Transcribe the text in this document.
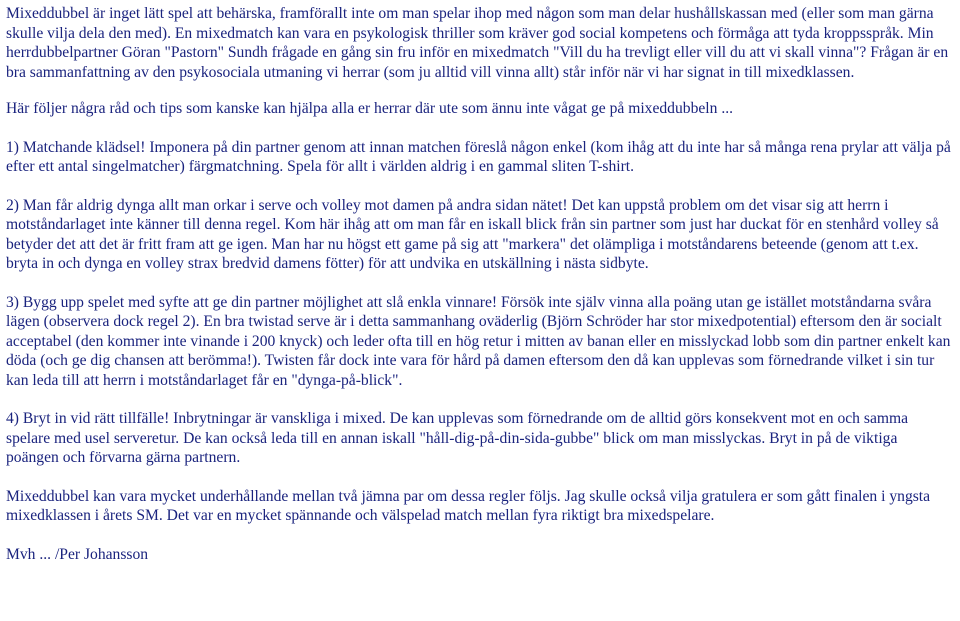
Mixeddubbel är inget lätt spel att behärska, framförallt inte om man spelar ihop med någon som man delar hushållskassan med (eller som man gärna skulle vilja dela den med). En mixedmatch kan vara en psykologisk thriller som kräver god social kompetens och förmåga att tyda kroppsspråk. Min herrdubbelpartner Göran "Pastorn" Sundh frågade en gång sin fru inför en mixedmatch "Vill du ha trevligt eller vill du att vi skall vinna"? Frågan är en bra sammanfattning av den psykosociala utmaning vi herrar (som ju alltid vill vinna allt) står inför när vi har signat in till mixedklassen.

Här följer några råd och tips som kanske kan hjälpa alla er herrar där ute som ännu inte vågat ge på mixeddubbeln ...

1) Matchande klädsel! Imponera på din partner genom att innan matchen föreslå någon enkel (kom ihåg att du inte har så många rena prylar att välja på efter ett antal singelmatcher) färgmatchning. Spela för allt i världen aldrig i en gammal sliten T-shirt.

2) Man får aldrig dynga allt man orkar i serve och volley mot damen på andra sidan nätet! Det kan uppstå problem om det visar sig att herrn i motståndarlaget inte känner till denna regel. Kom här ihåg att om man får en iskall blick från sin partner som just har duckat för en stenhård volley så betyder det att det är fritt fram att ge igen. Man har nu högst ett game på sig att "markera" det olämpliga i motståndarens beteende (genom att t.ex. bryta in och dynga en volley strax bredvid damens fötter) för att undvika en utskällning i nästa sidbyte.

3) Bygg upp spelet med syfte att ge din partner möjlighet att slå enkla vinnare! Försök inte själv vinna alla poäng utan ge istället motståndarna svåra lägen (observera dock regel 2). En bra twistad serve är i detta sammanhang oväderlig (Björn Schröder har stor mixedpotential) eftersom den är socialt acceptabel (den kommer inte vinande i 200 knyck) och leder ofta till en hög retur i mitten av banan eller en misslyckad lobb som din partner enkelt kan döda (och ge dig chansen att berömma!). Twisten får dock inte vara för hård på damen eftersom den då kan upplevas som förnedrande vilket i sin tur kan leda till att herrn i motståndarlaget får en "dynga-på-blick".

4) Bryt in vid rätt tillfälle! Inbrytningar är vanskliga i mixed. De kan upplevas som förnedrande om de alltid görs konsekvent mot en och samma spelare med usel serveretur. De kan också leda till en annan iskall "håll-dig-på-din-sida-gubbe" blick om man misslyckas. Bryt in på de viktiga poängen och förvarna gärna partnern.

Mixeddubbel kan vara mycket underhållande mellan två jämna par om dessa regler följs. Jag skulle också vilja gratulera er som gått finalen i yngsta mixedklassen i årets SM. Det var en mycket spännande och välspelad match mellan fyra riktigt bra mixedspelare.

Mvh ... /Per Johansson
